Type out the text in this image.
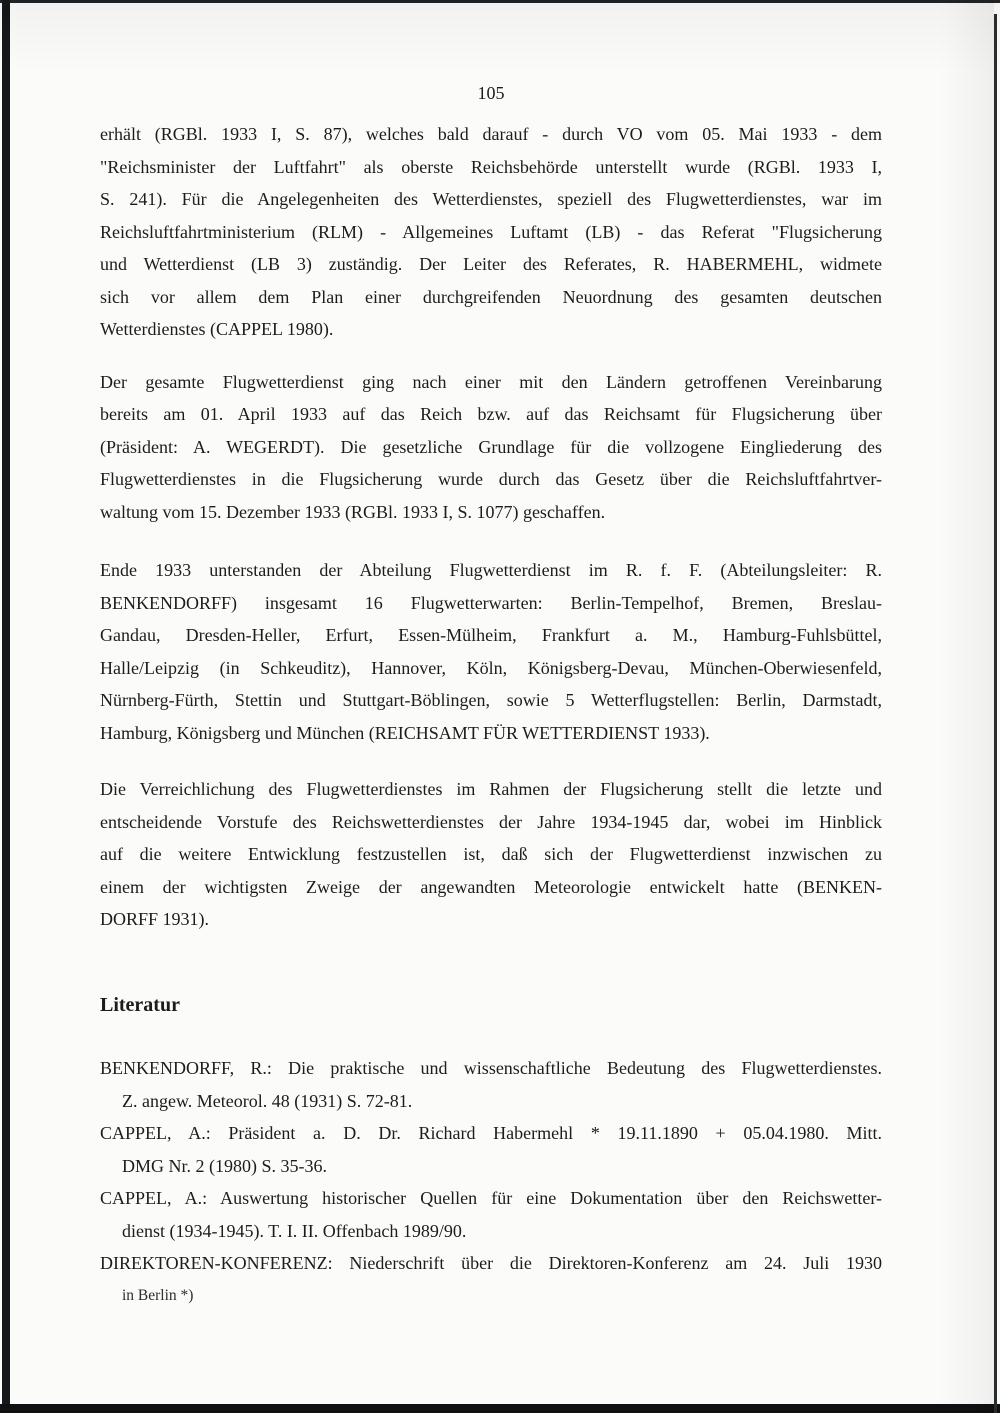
105
erhält (RGBl. 1933 I, S. 87), welches bald darauf - durch VO vom 05. Mai 1933 - dem
"Reichsminister der Luftfahrt" als oberste Reichsbehörde unterstellt wurde (RGBl. 1933 I,
S. 241). Für die Angelegenheiten des Wetterdienstes, speziell des Flugwetterdienstes, war im
Reichsluftfahrtministerium (RLM) - Allgemeines Luftamt (LB) - das Referat "Flugsicherung
und Wetterdienst (LB 3) zuständig. Der Leiter des Referates, R. HABERMEHL, widmete
sich vor allem dem Plan einer durchgreifenden Neuordnung des gesamten deutschen
Wetterdienstes (CAPPEL 1980).
Der gesamte Flugwetterdienst ging nach einer mit den Ländern getroffenen Vereinbarung
bereits am 01. April 1933 auf das Reich bzw. auf das Reichsamt für Flugsicherung über
(Präsident: A. WEGERDT). Die gesetzliche Grundlage für die vollzogene Eingliederung des
Flugwetterdienstes in die Flugsicherung wurde durch das Gesetz über die Reichsluftfahrtver-
waltung vom 15. Dezember 1933 (RGBl. 1933 I, S. 1077) geschaffen.
Ende 1933 unterstanden der Abteilung Flugwetterdienst im R. f. F. (Abteilungsleiter: R.
BENKENDORFF) insgesamt 16 Flugwetterwarten: Berlin-Tempelhof, Bremen, Breslau-
Gandau, Dresden-Heller, Erfurt, Essen-Mülheim, Frankfurt a. M., Hamburg-Fuhlsbüttel,
Halle/Leipzig (in Schkeuditz), Hannover, Köln, Königsberg-Devau, München-Oberwiesenfeld,
Nürnberg-Fürth, Stettin und Stuttgart-Böblingen, sowie 5 Wetterflugstellen: Berlin, Darmstadt,
Hamburg, Königsberg und München (REICHSAMT FÜR WETTERDIENST 1933).
Die Verreichlichung des Flugwetterdienstes im Rahmen der Flugsicherung stellt die letzte und
entscheidende Vorstufe des Reichswetterdienstes der Jahre 1934-1945 dar, wobei im Hinblick
auf die weitere Entwicklung festzustellen ist, daß sich der Flugwetterdienst inzwischen zu
einem der wichtigsten Zweige der angewandten Meteorologie entwickelt hatte (BENKEN-
DORFF 1931).
Literatur
BENKENDORFF, R.: Die praktische und wissenschaftliche Bedeutung des Flugwetterdienstes.
Z. angew. Meteorol. 48 (1931) S. 72-81.
CAPPEL, A.: Präsident a. D. Dr. Richard Habermehl * 19.11.1890 + 05.04.1980. Mitt.
DMG Nr. 2 (1980) S. 35-36.
CAPPEL, A.: Auswertung historischer Quellen für eine Dokumentation über den Reichswetter-
dienst (1934-1945). T. I. II. Offenbach 1989/90.
DIREKTOREN-KONFERENZ: Niederschrift über die Direktoren-Konferenz am 24. Juli 1930
in Berlin *)
